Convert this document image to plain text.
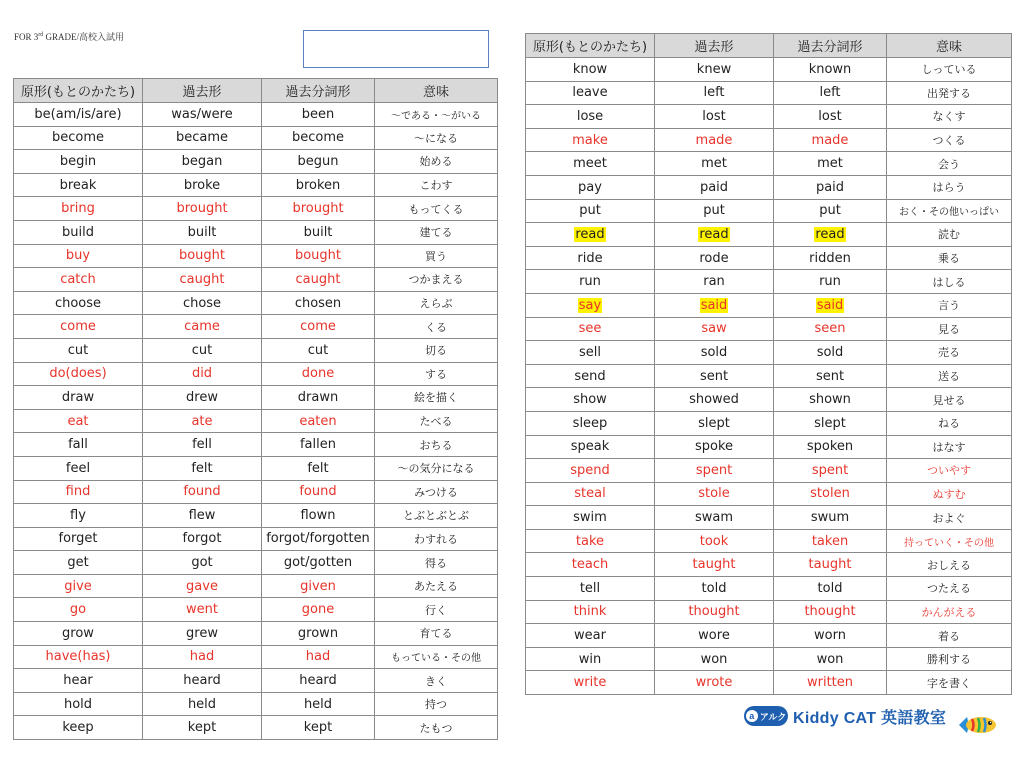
FOR 3rd GRADE/高校入試用
原形(もとのかたち)	過去形	過去分詞形	意味
be(am/is/are)	was/were	been	～である・～がいる
become	became	become	～になる
begin	began	begun	始める
break	broke	broken	こわす
bring	brought	brought	もってくる
build	built	built	建てる
buy	bought	bought	買う
catch	caught	caught	つかまえる
choose	chose	chosen	えらぶ
come	came	come	くる
cut	cut	cut	切る
do(does)	did	done	する
draw	drew	drawn	絵を描く
eat	ate	eaten	たべる
fall	fell	fallen	おちる
feel	felt	felt	～の気分になる
find	found	found	みつける
fly	flew	flown	とぶとぶとぶ
forget	forgot	forgot/forgotten	わすれる
get	got	got/gotten	得る
give	gave	given	あたえる
go	went	gone	行く
grow	grew	grown	育てる
have(has)	had	had	もっている・その他
hear	heard	heard	きく
hold	held	held	持つ
keep	kept	kept	たもつ
原形(もとのかたち)	過去形	過去分詞形	意味
know	knew	known	しっている
leave	left	left	出発する
lose	lost	lost	なくす
make	made	made	つくる
meet	met	met	会う
pay	paid	paid	はらう
put	put	put	おく・その他いっぱい
read	read	read	読む
ride	rode	ridden	乗る
run	ran	run	はしる
say	said	said	言う
see	saw	seen	見る
sell	sold	sold	売る
send	sent	sent	送る
show	showed	shown	見せる
sleep	slept	slept	ねる
speak	spoke	spoken	はなす
spend	spent	spent	ついやす
steal	stole	stolen	ぬすむ
swim	swam	swum	およぐ
take	took	taken	持っていく・その他
teach	taught	taught	おしえる
tell	told	told	つたえる
think	thought	thought	かんがえる
wear	wore	worn	着る
win	won	won	勝利する
write	wrote	written	字を書く
a アルク Kiddy CAT 英語教室
